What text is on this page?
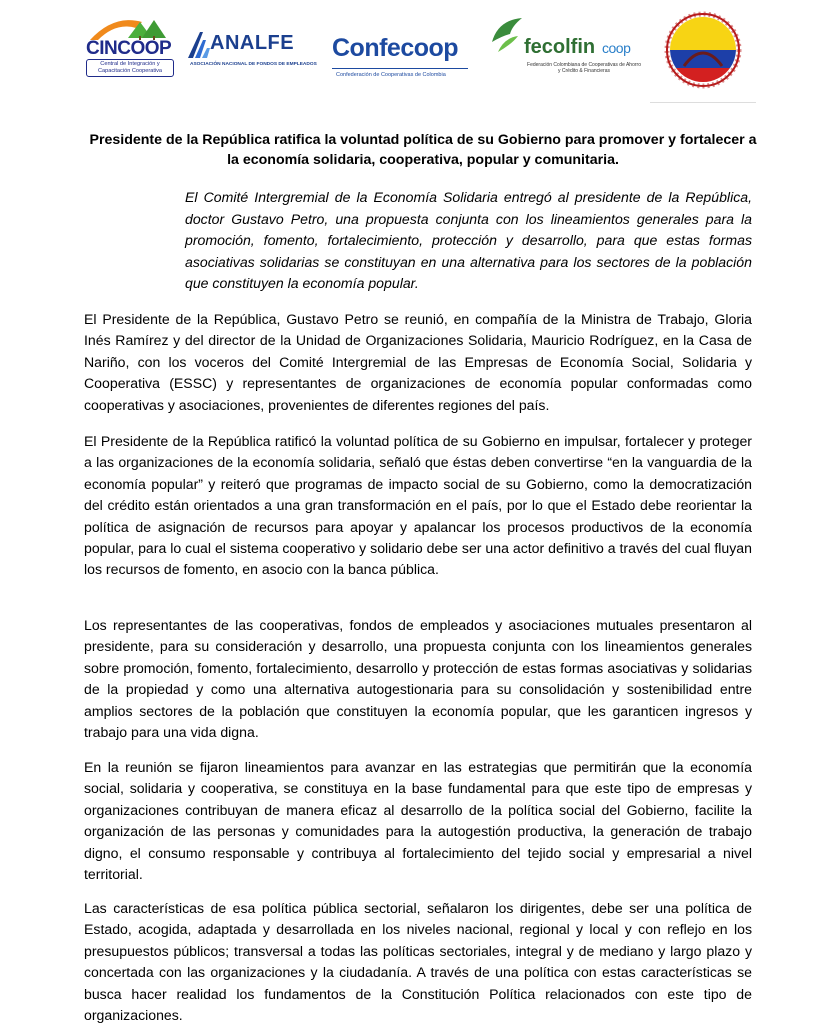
CINCOOP
Central de Integración y Capacitación Cooperativa
ANALFE
ASOCIACIÓN NACIONAL DE FONDOS DE EMPLEADOS
Confecoop
Confederación de Cooperativas de Colombia
fecolfin coop
Federación Colombiana de Cooperativas de Ahorro y Crédito & Financieras
Presidente de la República ratifica la voluntad política de su Gobierno para promover y fortalecer a la economía solidaria, cooperativa, popular y comunitaria.
El Comité Intergremial de la Economía Solidaria entregó al presidente de la República, doctor Gustavo Petro, una propuesta conjunta con los lineamientos generales para la promoción, fomento, fortalecimiento, protección y desarrollo, para que estas formas asociativas solidarias se constituyan en una alternativa para los sectores de la población que constituyen la economía popular.
El Presidente de la República, Gustavo Petro se reunió, en compañía de la Ministra de Trabajo, Gloria Inés Ramírez y del director de la Unidad de Organizaciones Solidaria, Mauricio Rodríguez, en la Casa de Nariño, con los voceros del Comité Intergremial de las Empresas de Economía Social, Solidaria y Cooperativa (ESSC) y representantes de organizaciones de economía popular conformadas como cooperativas y asociaciones, provenientes de diferentes regiones del país.
El Presidente de la República ratificó la voluntad política de su Gobierno en impulsar, fortalecer y proteger a las organizaciones de la economía solidaria, señaló que éstas deben convertirse “en la vanguardia de la economía popular” y reiteró que programas de impacto social de su Gobierno, como la democratización del crédito están orientados a una gran transformación en el país, por lo que el Estado debe reorientar la política de asignación de recursos para apoyar y apalancar los procesos productivos de la economía popular, para lo cual el sistema cooperativo y solidario debe ser una actor definitivo a través del cual fluyan los recursos de fomento, en asocio con la banca pública.
Los representantes de las cooperativas, fondos de empleados y asociaciones mutuales presentaron al presidente, para su consideración y desarrollo, una propuesta conjunta con los lineamientos generales sobre promoción, fomento, fortalecimiento, desarrollo y protección de estas formas asociativas y solidarias de la propiedad y como una alternativa autogestionaria para su consolidación y sostenibilidad entre amplios sectores de la población que constituyen la economía popular, que les garanticen ingresos y trabajo para una vida digna.
En la reunión se fijaron lineamientos para avanzar en las estrategias que permitirán que la economía social, solidaria y cooperativa, se constituya en la base fundamental para que este tipo de empresas y organizaciones contribuyan de manera eficaz al desarrollo de la política social del Gobierno, facilite la organización de las personas y comunidades para la autogestión productiva, la generación de trabajo digno, el consumo responsable y contribuya al fortalecimiento del tejido social y empresarial a nivel territorial.
Las características de esa política pública sectorial, señalaron los dirigentes, debe ser una política de Estado, acogida, adaptada y desarrollada en los niveles nacional, regional y local y con reflejo en los presupuestos públicos; transversal a todas las políticas sectoriales, integral y de mediano y largo plazo y concertada con las organizaciones y la ciudadanía. A través de una política con estas características se busca hacer realidad los fundamentos de la Constitución Política relacionados con este tipo de organizaciones.
